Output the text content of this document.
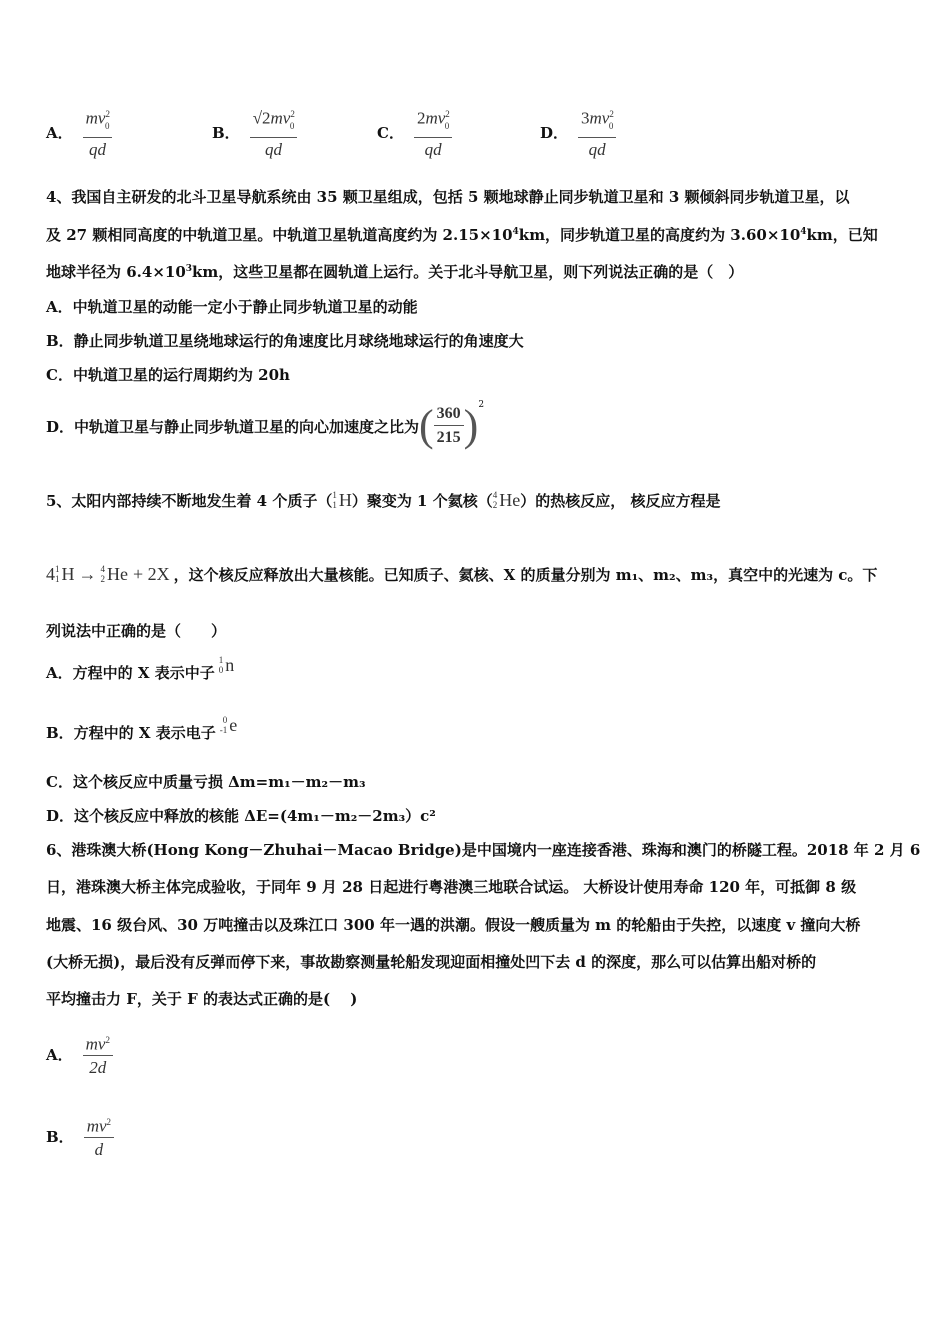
A． $\frac{mv^2_0}{qd}$	B． $\frac{√2mv^2_0}{qd}$	C． $\frac{2mv^2_0}{qd}$	D． $\frac{3mv^2_0}{qd}$
4、我国自主研发的北斗卫星导航系统由 35 颗卫星组成，包括 5 颗地球静止同步轨道卫星和 3 颗倾斜同步轨道卫星，以
及 27 颗相同高度的中轨道卫星。中轨道卫星轨道高度约为 $2.15\times 10^4km$，同步轨道卫星的高度约为 $3.60\times 10^4km$，已知
地球半径为 $6.4\times 10^3km$，这些卫星都在圆轨道上运行。关于北斗导航卫星，则下列说法正确的是（　）
A．中轨道卫星的动能一定小于静止同步轨道卫星的动能
B．静止同步轨道卫星绕地球运行的角速度比月球绕地球运行的角速度大
C．中轨道卫星的运行周期约为 20h
D．中轨道卫星与静止同步轨道卫星的向心加速度之比为 ( $\frac{360}{215}$ ) 2
5、太阳内部持续不断地发生着 4 个质子（ 1
1 H ）聚变为 1 个氦核（ 4
2 He ）的热核反应， 核反应方程是
4 1
1 H → 4
2 He + 2X ，这个核反应释放出大量核能。已知质子、氦核、X 的质量分别为 m₁、m₂、m₃，真空中的光速为 c。下
列说法中正确的是（　　）
A．方程中的 X 表示中子
1
0 n
B．方程中的 X 表示电子
0
-1 e
C．这个核反应中质量亏损 Δm=m₁－m₂－m₃
D．这个核反应中释放的核能 ΔE=(4m₁－m₂－2m₃）c²
6、港珠澳大桥(Hong Kong－Zhuhai－Macao Bridge)是中国境内一座连接香港、珠海和澳门的桥隧工程。2018 年 2 月 6
日，港珠澳大桥主体完成验收，于同年 9 月 28 日起进行粤港澳三地联合试运。 大桥设计使用寿命 120 年，可抵御 8 级
地震、16 级台风、30 万吨撞击以及珠江口 300 年一遇的洪潮。假设一艘质量为 m 的轮船由于失控，以速度 v 撞向大桥
(大桥无损)，最后没有反弹而停下来，事故勘察测量轮船发现迎面相撞处凹下去 d 的深度，那么可以估算出船对桥的
平均撞击力 F，关于 F 的表达式正确的是(　 )
A． $\frac{mv^2}{2d}$
B． $\frac{mv^2}{d}$
